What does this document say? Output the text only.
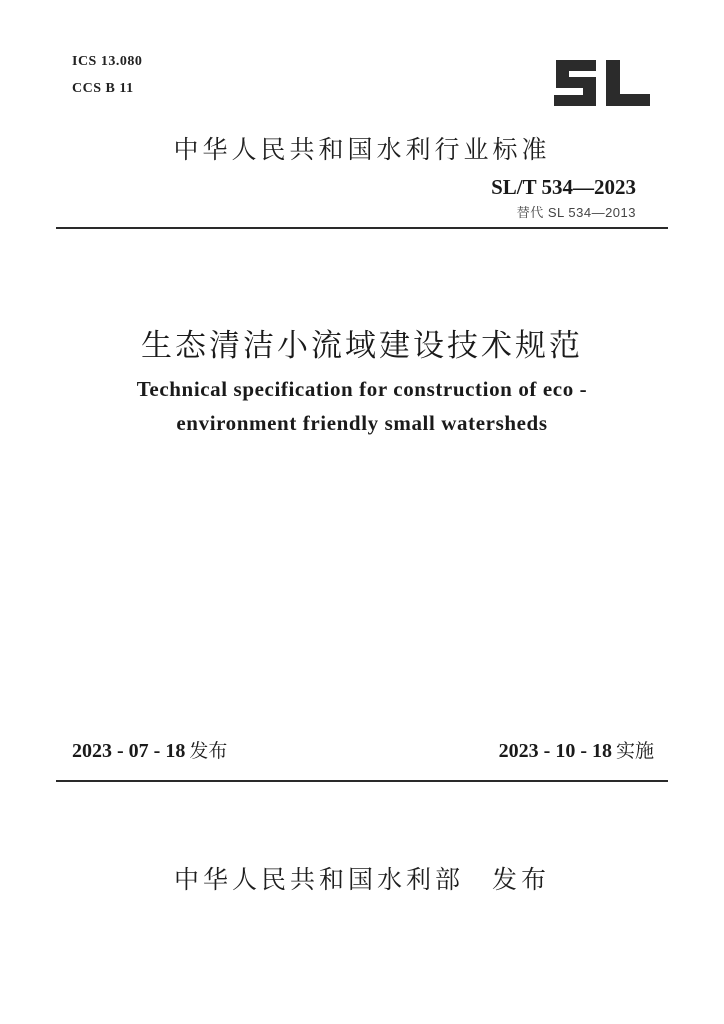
ICS 13.080
CCS B 11
中华人民共和国水利行业标准
SL/T 534—2023
替代 SL 534—2013
生态清洁小流域建设技术规范
Technical specification for construction of eco -
environment friendly small watersheds
2023 - 07 - 18 发布	2023 - 10 - 18 实施
中华人民共和国水利部 发布
